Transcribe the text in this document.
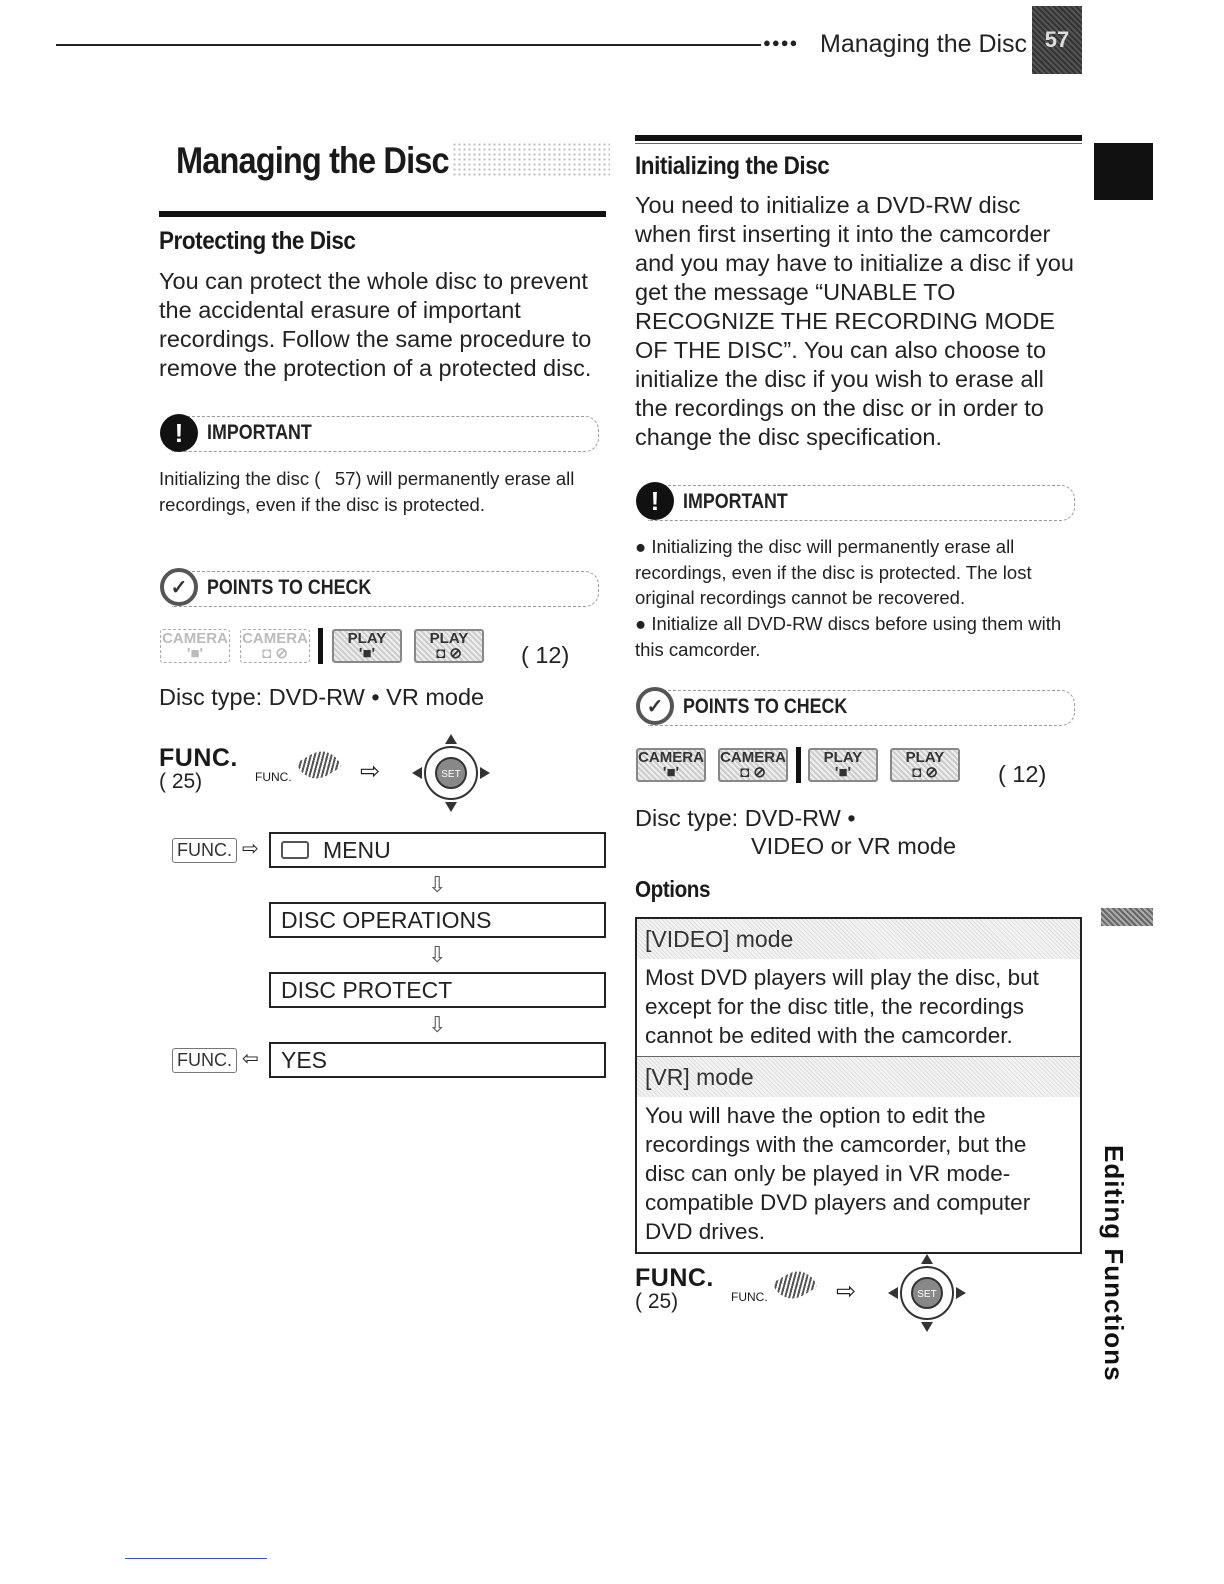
●●●● Managing the Disc 57
Editing Functions
Managing the Disc
Protecting the Disc
You can protect the whole disc to prevent the accidental erasure of important recordings. Follow the same procedure to remove the protection of a protected disc.
!	IMPORTANT
Initializing the disc (  57) will permanently erase all recordings, even if the disc is protected.
✓ POINTS TO CHECK
CAMERA
'■'
CAMERA
◘ ⊘
PLAY
'■'
PLAY
◘ ⊘	( 12)
Disc type: DVD-RW • VR mode
FUNC.
( 25)	FUNC.	⇨	SET
FUNC. ⇨	MENU
⇩
DISC OPERATIONS
⇩
DISC PROTECT
⇩
FUNC. ⇦ YES
Initializing the Disc
You need to initialize a DVD-RW disc when first inserting it into the camcorder and you may have to initialize a disc if you get the message “UNABLE TO RECOGNIZE THE RECORDING MODE OF THE DISC”. You can also choose to initialize the disc if you wish to erase all the recordings on the disc or in order to change the disc specification.
!	IMPORTANT
● Initializing the disc will permanently erase all recordings, even if the disc is protected. The lost original recordings cannot be recovered.
● Initialize all DVD-RW discs before using them with this camcorder.
✓ POINTS TO CHECK
CAMERA
'■'
CAMERA
◘ ⊘
PLAY
'■'
PLAY
◘ ⊘	( 12)
Disc type: DVD-RW •
VIDEO or VR mode
Options
[VIDEO] mode
Most DVD players will play the disc, but except for the disc title, the recordings cannot be edited with the camcorder.
[VR] mode
You will have the option to edit the recordings with the camcorder, but the disc can only be played in VR mode-compatible DVD players and computer DVD drives.
FUNC.
( 25)	FUNC.	⇨	SET
